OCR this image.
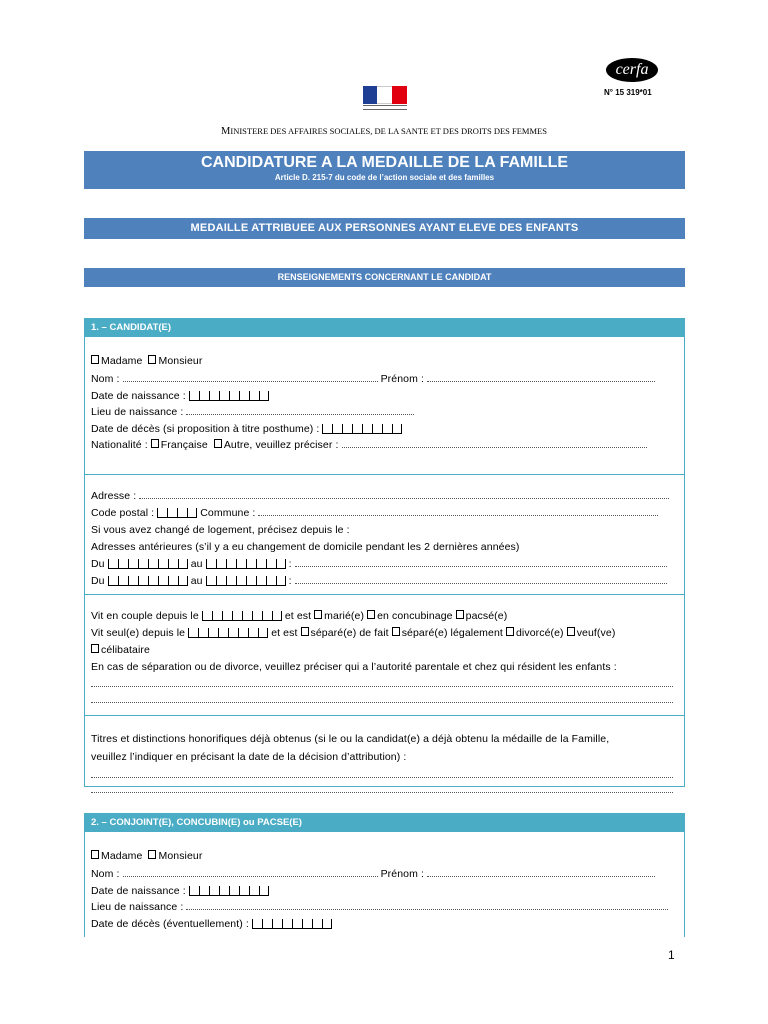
cerfa
N° 15 319*01
MINISTERE DES AFFAIRES SOCIALES, DE LA SANTE ET DES DROITS DES FEMMES
CANDIDATURE A LA MEDAILLE DE LA FAMILLE
Article D. 215-7 du code de l’action sociale et des familles
MEDAILLE ATTRIBUEE AUX PERSONNES AYANT ELEVE DES ENFANTS
RENSEIGNEMENTS CONCERNANT LE CANDIDAT
1. – CANDIDAT(E)
Madame Monsieur
Nom :	Prénom :
Date de naissance :
Lieu de naissance :
Date de décès (si proposition à titre posthume) :
Nationalité : Française Autre, veuillez préciser :
Adresse :
Code postal :	Commune :
Si vous avez changé de logement, précisez depuis le :
Adresses antérieures (s’il y a eu changement de domicile pendant les 2 dernières années)
Du	au	:
Du	au	:
Vit en couple depuis le	et est marié(e) en concubinage pacsé(e)
Vit seul(e) depuis le	et est séparé(e) de fait séparé(e) légalement divorcé(e) veuf(ve)
célibataire
En cas de séparation ou de divorce, veuillez préciser qui a l’autorité parentale et chez qui résident les enfants :
Titres et distinctions honorifiques déjà obtenus (si le ou la candidat(e) a déjà obtenu la médaille de la Famille,
veuillez l’indiquer en précisant la date de la décision d’attribution) :
2. – CONJOINT(E), CONCUBIN(E) ou PACSE(E)
Madame Monsieur
Nom :	Prénom :
Date de naissance :
Lieu de naissance :
Date de décès (éventuellement) :
1
